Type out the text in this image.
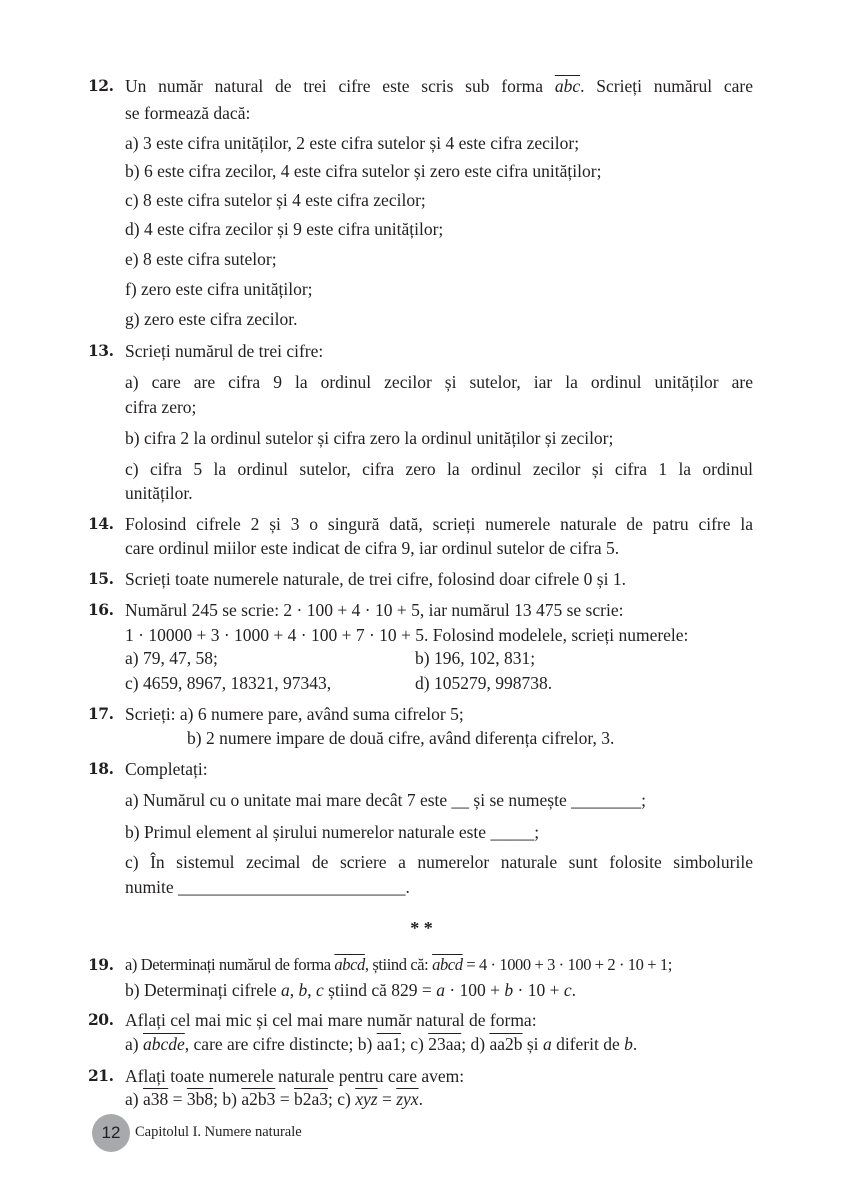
12. Un număr natural de trei cifre este scris sub forma $\overline{abc}$. Scrieți numărul care
se formează dacă:
a) 3 este cifra unităților, 2 este cifra sutelor și 4 este cifra zecilor;
b) 6 este cifra zecilor, 4 este cifra sutelor și zero este cifra unităților;
c) 8 este cifra sutelor și 4 este cifra zecilor;
d) 4 este cifra zecilor și 9 este cifra unităților;
e) 8 este cifra sutelor;
f) zero este cifra unităților;
g) zero este cifra zecilor.
13. Scrieți numărul de trei cifre:
a) care are cifra 9 la ordinul zecilor și sutelor, iar la ordinul unităților are
cifra zero;
b) cifra 2 la ordinul sutelor și cifra zero la ordinul unităților și zecilor;
c) cifra 5 la ordinul sutelor, cifra zero la ordinul zecilor și cifra 1 la ordinul
unităților.
14. Folosind cifrele 2 și 3 o singură dată, scrieți numerele naturale de patru cifre la
care ordinul miilor este indicat de cifra 9, iar ordinul sutelor de cifra 5.
15. Scrieți toate numerele naturale, de trei cifre, folosind doar cifrele 0 și 1.
16. Numărul 245 se scrie: 2 · 100 + 4 · 10 + 5, iar numărul 13 475 se scrie:
1 · 10000 + 3 · 1000 + 4 · 100 + 7 · 10 + 5. Folosind modelele, scrieți numerele:
a) 79, 47, 58;	b) 196, 102, 831;
c) 4659, 8967, 18321, 97343,	d) 105279, 998738.
17. Scrieți: a) 6 numere pare, având suma cifrelor 5;
b) 2 numere impare de două cifre, având diferența cifrelor, 3.
18. Completați:
a) Numărul cu o unitate mai mare decât 7 este __ și se numește ________;
b) Primul element al șirului numerelor naturale este _____;
c) În sistemul zecimal de scriere a numerelor naturale sunt folosite simbolurile
numite __________________________.
* *
19. a) Determinați numărul de forma abcd, știind că: abcd = 4 · 1000 + 3 · 100 + 2 · 10 + 1;
b) Determinați cifrele a, b, c știind că 829 = a · 100 + b · 10 + c.
20. Aflați cel mai mic și cel mai mare număr natural de forma:
a) abcde, care are cifre distincte; b) aa1; c) 23aa; d) aa2b și a diferit de b.
21. Aflați toate numerele naturale pentru care avem:
a) a38 = 3b8; b) a2b3 = b2a3; c) $\overline{xyz} = \overline{zyx}$.
12	Capitolul I. Numere naturale
